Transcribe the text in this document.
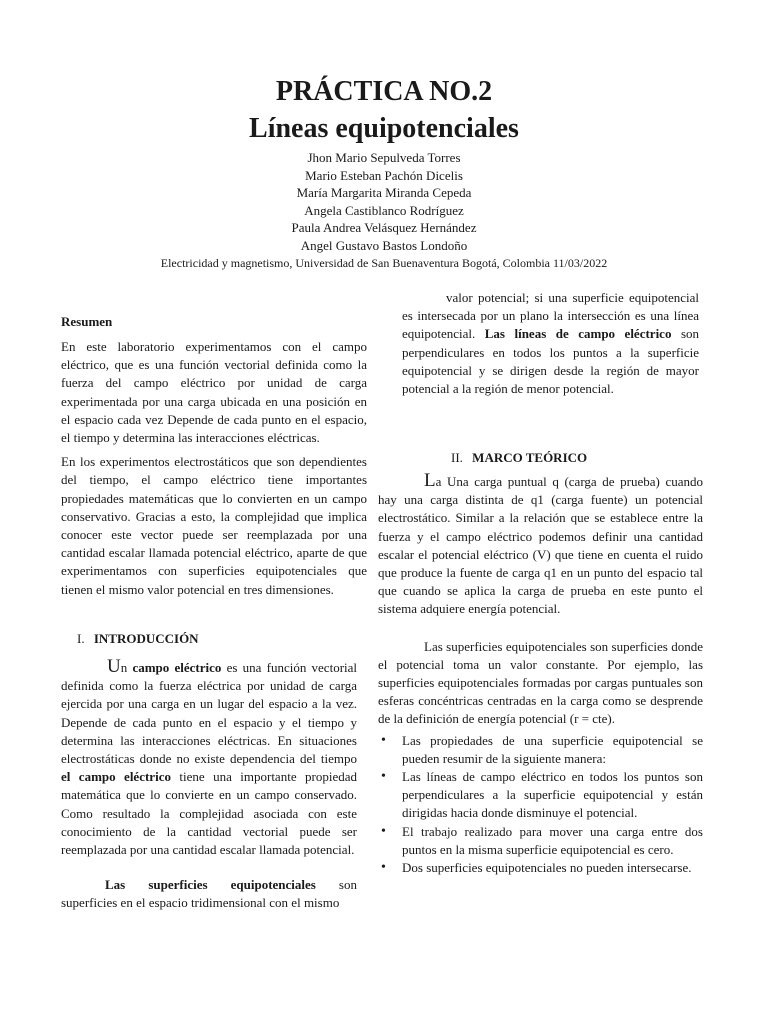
PRÁCTICA NO.2
Líneas equipotenciales
Jhon Mario Sepulveda Torres
Mario Esteban Pachón Dicelis
María Margarita Miranda Cepeda
Angela Castiblanco Rodríguez
Paula Andrea Velásquez Hernández
Angel Gustavo Bastos Londoño
Electricidad y magnetismo, Universidad de San Buenaventura Bogotá, Colombia 11/03/2022
Resumen

En este laboratorio experimentamos con el campo eléctrico, que es una función vectorial definida como la fuerza del campo eléctrico por unidad de carga experimentada por una carga ubicada en una posición en el espacio cada vez Depende de cada punto en el espacio, el tiempo y determina las interacciones eléctricas.

En los experimentos electrostáticos que son dependientes del tiempo, el campo eléctrico tiene importantes propiedades matemáticas que lo convierten en un campo conservativo. Gracias a esto, la complejidad que implica conocer este vector puede ser reemplazada por una cantidad escalar llamada potencial eléctrico, aparte de que experimentamos con superficies equipotenciales que tienen el mismo valor potencial en tres dimensiones.

I. INTRODUCCIÓN

Un campo eléctrico es una función vectorial definida como la fuerza eléctrica por unidad de carga ejercida por una carga en un lugar del espacio a la vez. Depende de cada punto en el espacio y el tiempo y determina las interacciones eléctricas. En situaciones electrostáticas donde no existe dependencia del tiempo el campo eléctrico tiene una importante propiedad matemática que lo convierte en un campo conservado. Como resultado la complejidad asociada con este conocimiento de la cantidad vectorial puede ser reemplazada por una cantidad escalar llamada potencial.

Las superficies equipotenciales son superficies en el espacio tridimensional con el mismo

valor potencial; si una superficie equipotencial es intersecada por un plano la intersección es una línea equipotencial. Las líneas de campo eléctrico son perpendiculares en todos los puntos a la superficie equipotencial y se dirigen desde la región de mayor potencial a la región de menor potencial.

II. MARCO TEÓRICO

La Una carga puntual q (carga de prueba) cuando hay una carga distinta de q1 (carga fuente) un potencial electrostático. Similar a la relación que se establece entre la fuerza y el campo eléctrico podemos definir una cantidad escalar el potencial eléctrico (V) que tiene en cuenta el ruido que produce la fuente de carga q1 en un punto del espacio tal que cuando se aplica la carga de prueba en este punto el sistema adquiere energía potencial.

Las superficies equipotenciales son superficies donde el potencial toma un valor constante. Por ejemplo, las superficies equipotenciales formadas por cargas puntuales son esferas concéntricas centradas en la carga como se desprende de la definición de energía potencial (r = cte).

• Las propiedades de una superficie equipotencial se pueden resumir de la siguiente manera:
• Las líneas de campo eléctrico en todos los puntos son perpendiculares a la superficie equipotencial y están dirigidas hacia donde disminuye el potencial.
• El trabajo realizado para mover una carga entre dos puntos en la misma superficie equipotencial es cero.
• Dos superficies equipotenciales no pueden intersecarse.
